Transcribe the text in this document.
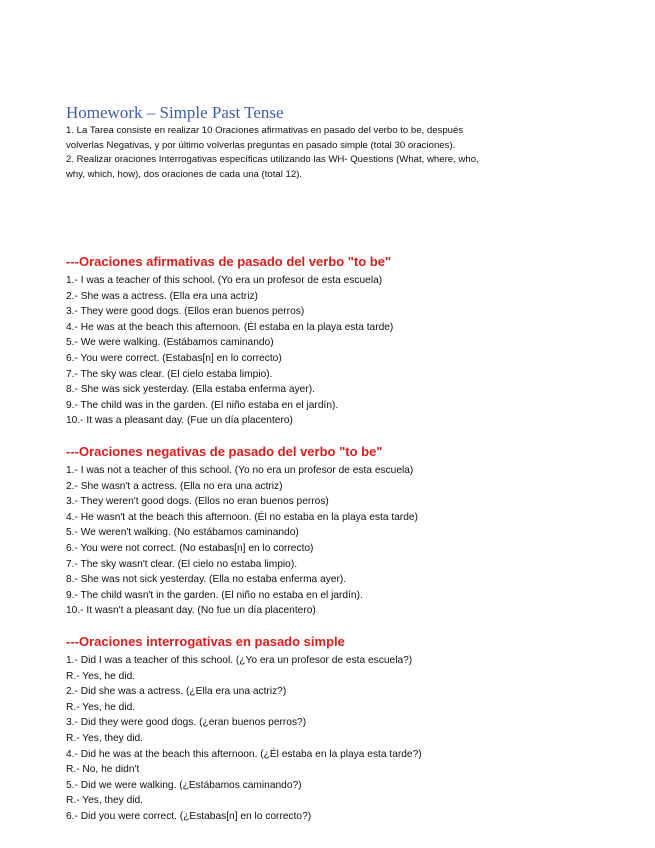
Homework – Simple Past Tense

1. La Tarea consiste en realizar 10 Oraciones afirmativas en pasado del verbo to be, después volverlas Negativas, y por último volverlas preguntas en pasado simple (total 30 oraciones).

2. Realizar oraciones Interrogativas específicas utilizando las WH- Questions (What, where, who, why, which, how), dos oraciones de cada una (total 12).

---Oraciones afirmativas de pasado del verbo "to be"

1.- I was a teacher of this school. (Yo era un profesor de esta escuela)

2.- She was a actress. (Ella era una actriz)

3.- They were good dogs. (Ellos eran buenos perros)

4.- He was at the beach this afternoon. (Él estaba en la playa esta tarde)

5.- We were walking. (Estábamos caminando)

6.- You were correct. (Estabas[n] en lo correcto)

7.- The sky was clear. (El cielo estaba limpio).

8.- She was sick yesterday. (Ella estaba enferma ayer).

9.- The child was in the garden. (El niño estaba en el jardín).

10.- It was a pleasant day. (Fue un día placentero)

---Oraciones negativas de pasado del verbo "to be"

1.- I was not a teacher of this school. (Yo no era un profesor de esta escuela)

2.- She wasn't a actress. (Ella no era una actriz)

3.- They weren't good dogs. (Ellos no eran buenos perros)

4.- He wasn't at the beach this afternoon. (Él no estaba en la playa esta tarde)

5.- We weren't walking. (No estábamos caminando)

6.- You were not correct. (No estabas[n] en lo correcto)

7.- The sky wasn't clear. (El cielo no estaba limpio).

8.- She was not sick yesterday. (Ella no estaba enferma ayer).

9.- The child wasn't in the garden. (El niño no estaba en el jardín).

10.- It wasn't a pleasant day. (No fue un día placentero)

---Oraciones interrogativas en pasado simple

1.- Did I was a teacher of this school. (¿Yo era un profesor de esta escuela?)

R.- Yes, he did.

2.- Did she was a actress. (¿Ella era una actriz?)

R.- Yes, he did.

3.- Did they were good dogs. (¿eran buenos perros?)

R.- Yes, they did.

4.- Did he was at the beach this afternoon. (¿Él estaba en la playa esta tarde?)

R.- No, he didn't

5.- Did we were walking. (¿Estábamos caminando?)

R.- Yes, they did.

6.- Did you were correct. (¿Estabas[n] en lo correcto?)
